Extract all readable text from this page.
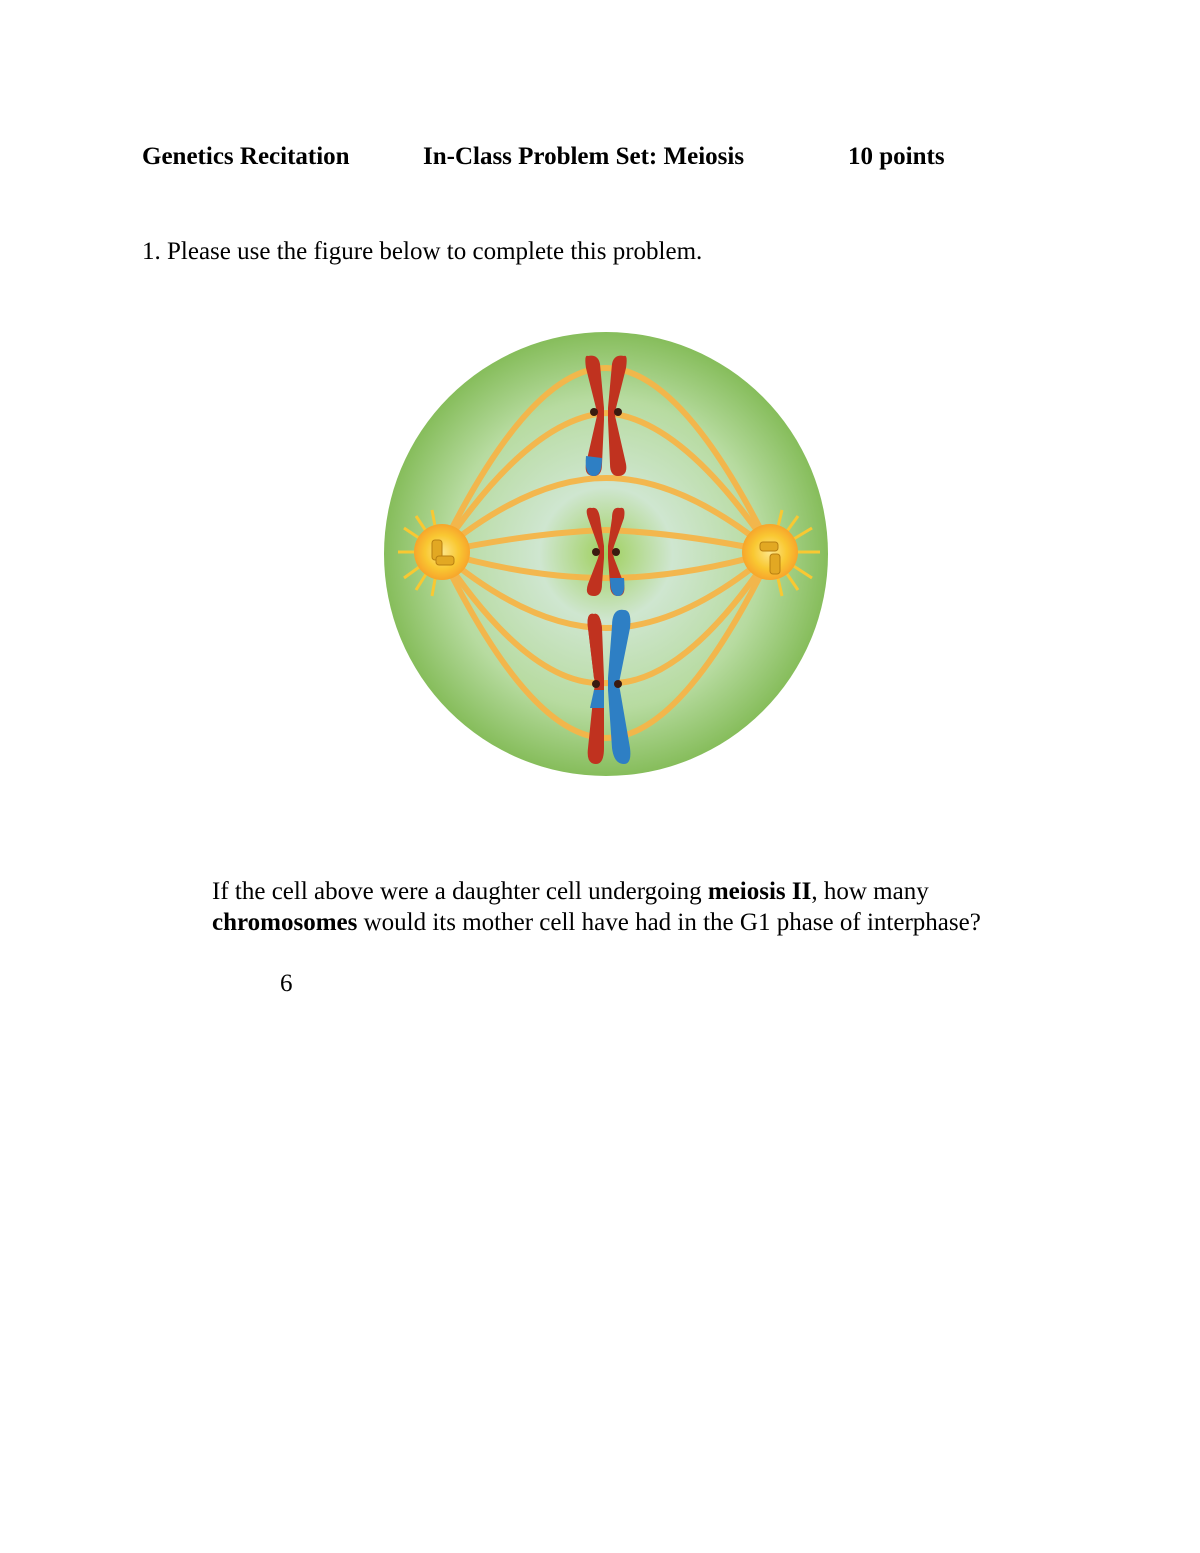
Genetics Recitation	In-Class Problem Set: Meiosis	10 points
1. Please use the figure below to complete this problem.
If the cell above were a daughter cell undergoing meiosis II, how many
chromosomes would its mother cell have had in the G1 phase of interphase?
6
